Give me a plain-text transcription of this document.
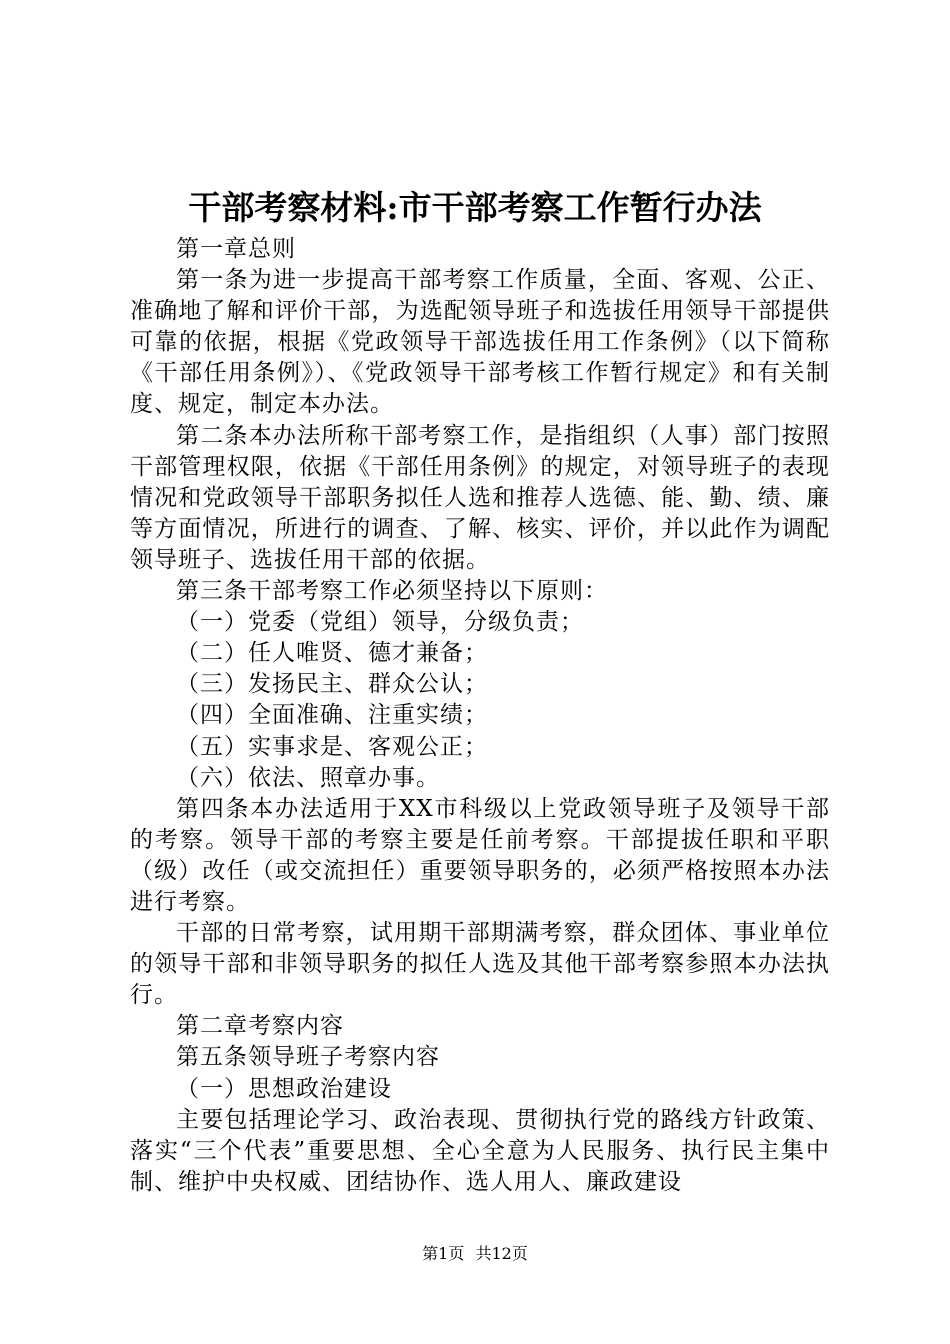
干部考察材料:市干部考察工作暂行办法

第一章总则

第一条为进一步提高干部考察工作质量，全面、客观、公正、准确地了解和评价干部，为选配领导班子和选拔任用领导干部提供可靠的依据，根据《党政领导干部选拔任用工作条例》（以下简称《干部任用条例》）、《党政领导干部考核工作暂行规定》和有关制度、规定，制定本办法。

第二条本办法所称干部考察工作，是指组织（人事）部门按照干部管理权限，依据《干部任用条例》的规定，对领导班子的表现情况和党政领导干部职务拟任人选和推荐人选德、能、勤、绩、廉等方面情况，所进行的调查、了解、核实、评价，并以此作为调配领导班子、选拔任用干部的依据。

第三条干部考察工作必须坚持以下原则：

（一）党委（党组）领导，分级负责；

（二）任人唯贤、德才兼备；

（三）发扬民主、群众公认；

（四）全面准确、注重实绩；

（五）实事求是、客观公正；

（六）依法、照章办事。

第四条本办法适用于XX市科级以上党政领导班子及领导干部的考察。领导干部的考察主要是任前考察。干部提拔任职和平职（级）改任（或交流担任）重要领导职务的，必须严格按照本办法进行考察。

干部的日常考察，试用期干部期满考察，群众团体、事业单位的领导干部和非领导职务的拟任人选及其他干部考察参照本办法执行。

第二章考察内容

第五条领导班子考察内容

（一）思想政治建设

主要包括理论学习、政治表现、贯彻执行党的路线方针政策、落实“三个代表”重要思想、全心全意为人民服务、执行民主集中制、维护中央权威、团结协作、选人用人、廉政建设

第1页 共12页
